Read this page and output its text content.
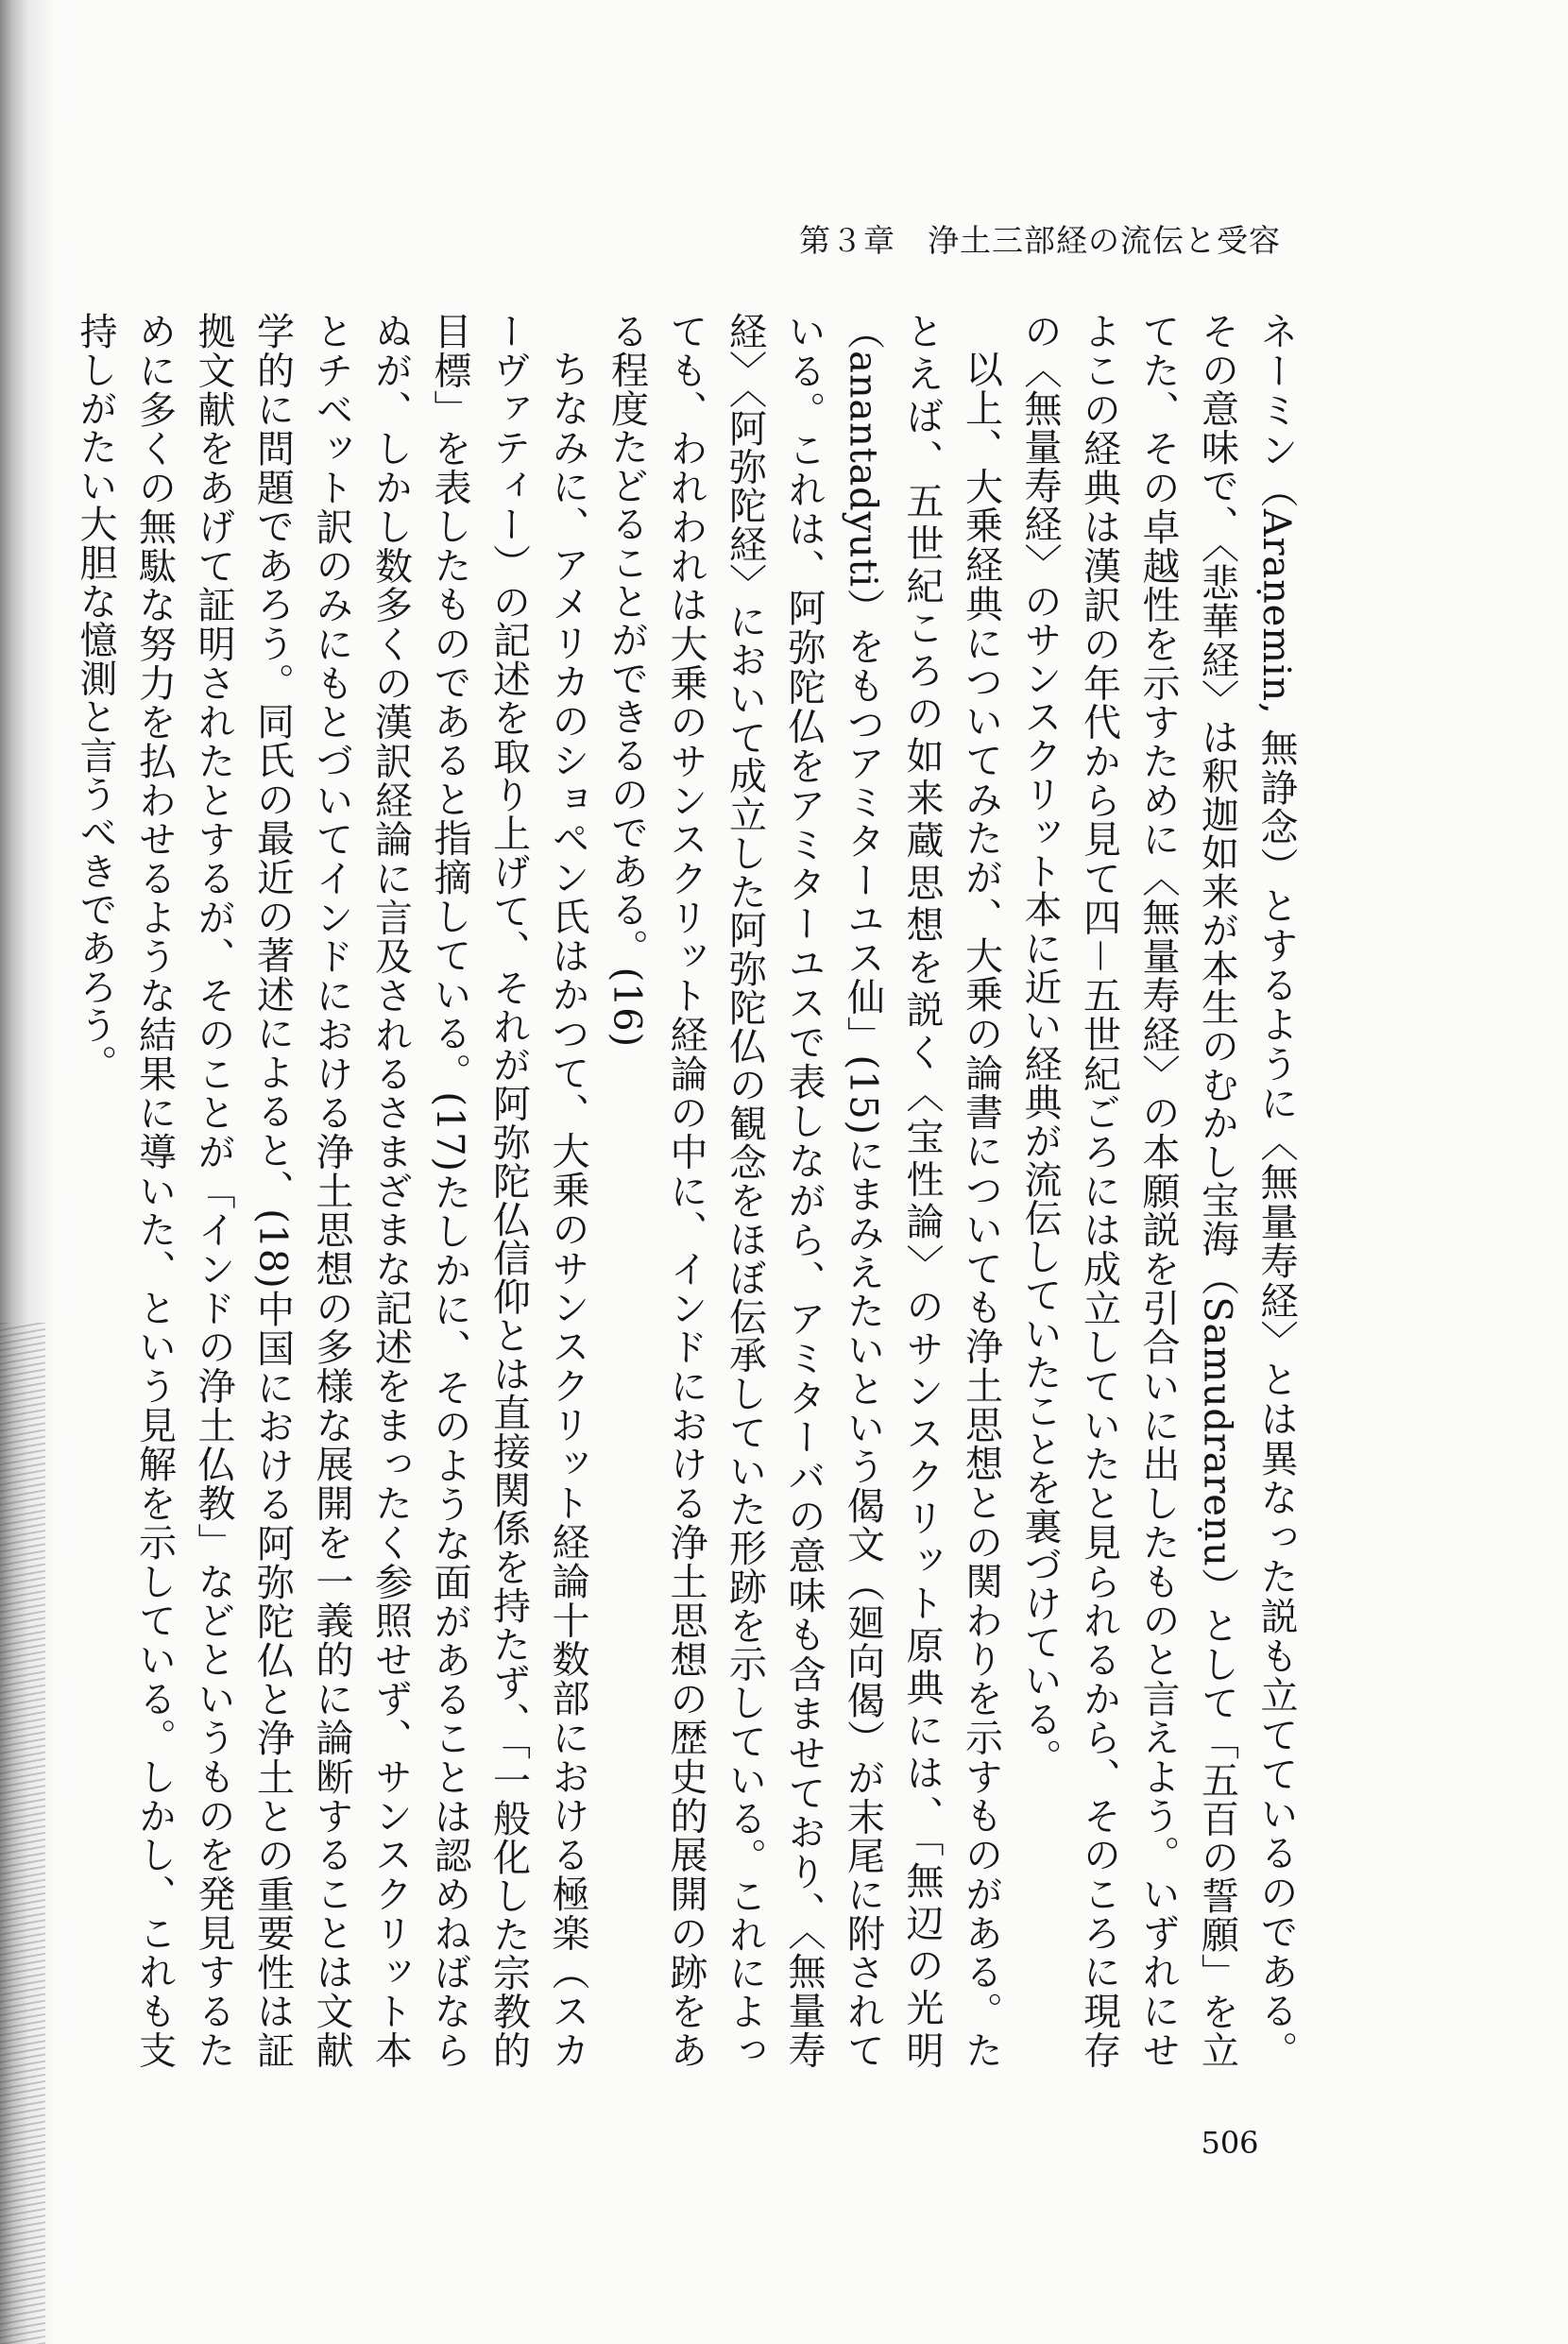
第３章　浄土三部経の流伝と受容

ネーミン（Araṇemin, 無諍念）とするように〈無量寿経〉とは異なった説も立てているのである。その意味で、〈悲華経〉は釈迦如来が本生のむかし宝海（Samudrareṇu）として「五百の誓願」を立てた、その卓越性を示すために〈無量寿経〉の本願説を引合いに出したものと言えよう。いずれにせよこの経典は漢訳の年代から見て四－五世紀ごろには成立していたと見られるから、そのころに現存の〈無量寿経〉のサンスクリット本に近い経典が流伝していたことを裏づけている。

以上、大乗経典についてみたが、大乗の論書についても浄土思想との関わりを示すものがある。たとえば、五世紀ころの如来蔵思想を説く〈宝性論〉のサンスクリット原典には、「無辺の光明（anantadyuti）をもつアミターユス仙」(15)にまみえたいという偈文（廻向偈）が末尾に附されている。これは、阿弥陀仏をアミターユスで表しながら、アミターバの意味も含ませており、〈無量寿経〉〈阿弥陀経〉において成立した阿弥陀仏の観念をほぼ伝承していた形跡を示している。これによっても、われわれは大乗のサンスクリット経論の中に、インドにおける浄土思想の歴史的展開の跡をある程度たどることができるのである。(16)

ちなみに、アメリカのショペン氏はかつて、大乗のサンスクリット経論十数部における極楽（スカーヴァティー）の記述を取り上げて、それが阿弥陀仏信仰とは直接関係を持たず、「一般化した宗教的目標」を表したものであると指摘している。(17)たしかに、そのような面があることは認めねばならぬが、しかし数多くの漢訳経論に言及されるさまざまな記述をまったく参照せず、サンスクリット本とチベット訳のみにもとづいてインドにおける浄土思想の多様な展開を一義的に論断することは文献学的に問題であろう。同氏の最近の著述によると、(18)中国における阿弥陀仏と浄土との重要性は証拠文献をあげて証明されたとするが、そのことが「インドの浄土仏教」などというものを発見するために多くの無駄な努力を払わせるような結果に導いた、という見解を示している。しかし、これも支持しがたい大胆な憶測と言うべきであろう。

506
